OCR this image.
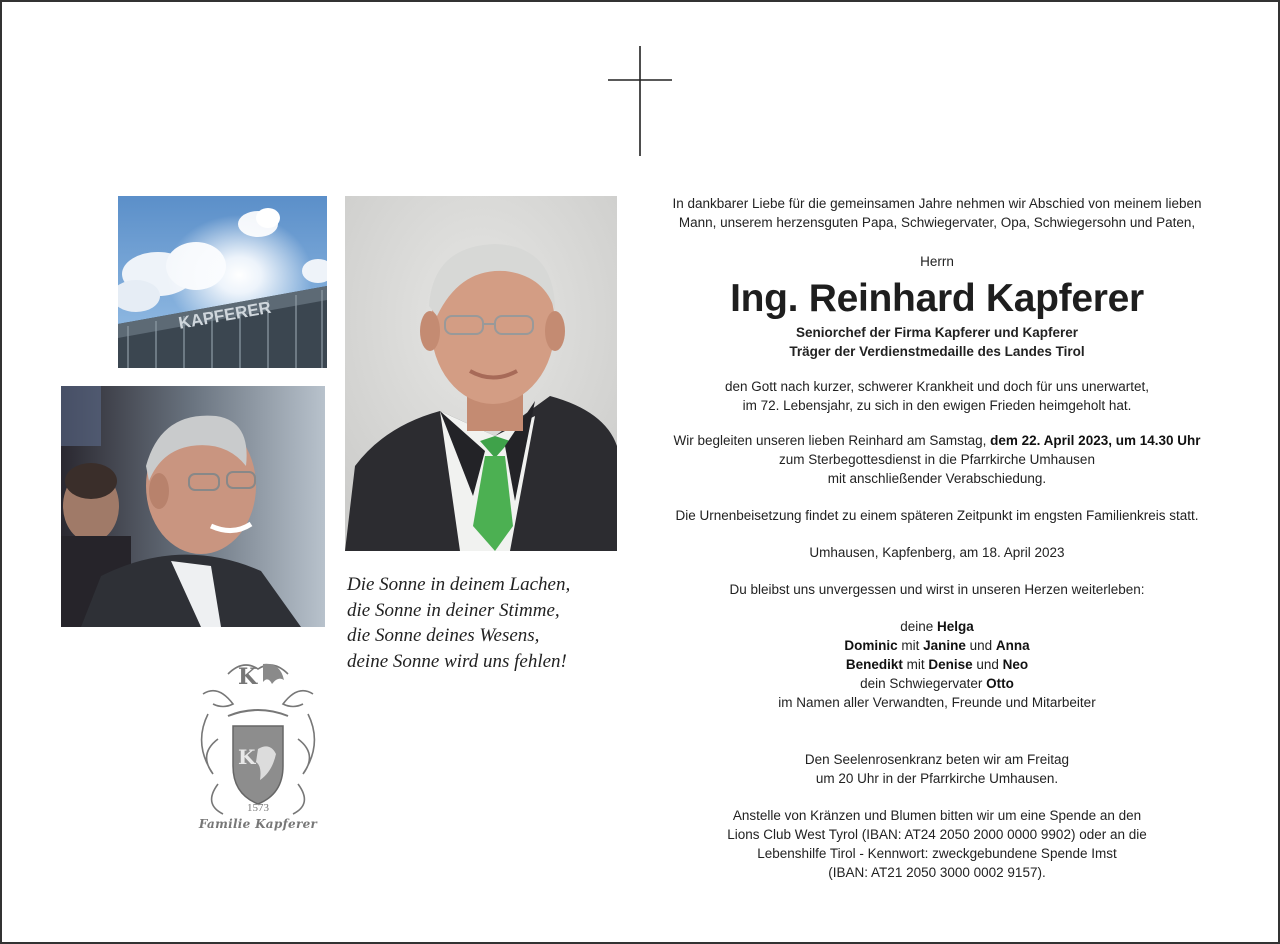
KAPFERER
Die Sonne in deinem Lachen,
die Sonne in deiner Stimme,
die Sonne deines Wesens,
deine Sonne wird uns fehlen!
K
K
1573
Familie Kapferer

In dankbarer Liebe für die gemeinsamen Jahre nehmen wir Abschied von meinem lieben
Mann, unserem herzensguten Papa, Schwiegervater, Opa, Schwiegersohn und Paten,

Herrn

Ing. Reinhard Kapferer

Seniorchef der Firma Kapferer und Kapferer
Träger der Verdienstmedaille des Landes Tirol

den Gott nach kurzer, schwerer Krankheit und doch für uns unerwartet,
im 72. Lebensjahr, zu sich in den ewigen Frieden heimgeholt hat.

Wir begleiten unseren lieben Reinhard am Samstag, dem 22. April 2023, um 14.30 Uhr
zum Sterbegottesdienst in die Pfarrkirche Umhausen
mit anschließender Verabschiedung.

Die Urnenbeisetzung findet zu einem späteren Zeitpunkt im engsten Familienkreis statt.

Umhausen, Kapfenberg, am 18. April 2023

Du bleibst uns unvergessen und wirst in unseren Herzen weiterleben:

deine Helga
Dominic mit Janine und Anna
Benedikt mit Denise und Neo
dein Schwiegervater Otto
im Namen aller Verwandten, Freunde und Mitarbeiter

Den Seelenrosenkranz beten wir am Freitag
um 20 Uhr in der Pfarrkirche Umhausen.

Anstelle von Kränzen und Blumen bitten wir um eine Spende an den
Lions Club West Tyrol (IBAN: AT24 2050 2000 0000 9902) oder an die
Lebenshilfe Tirol - Kennwort: zweckgebundene Spende Imst
(IBAN: AT21 2050 3000 0002 9157).
